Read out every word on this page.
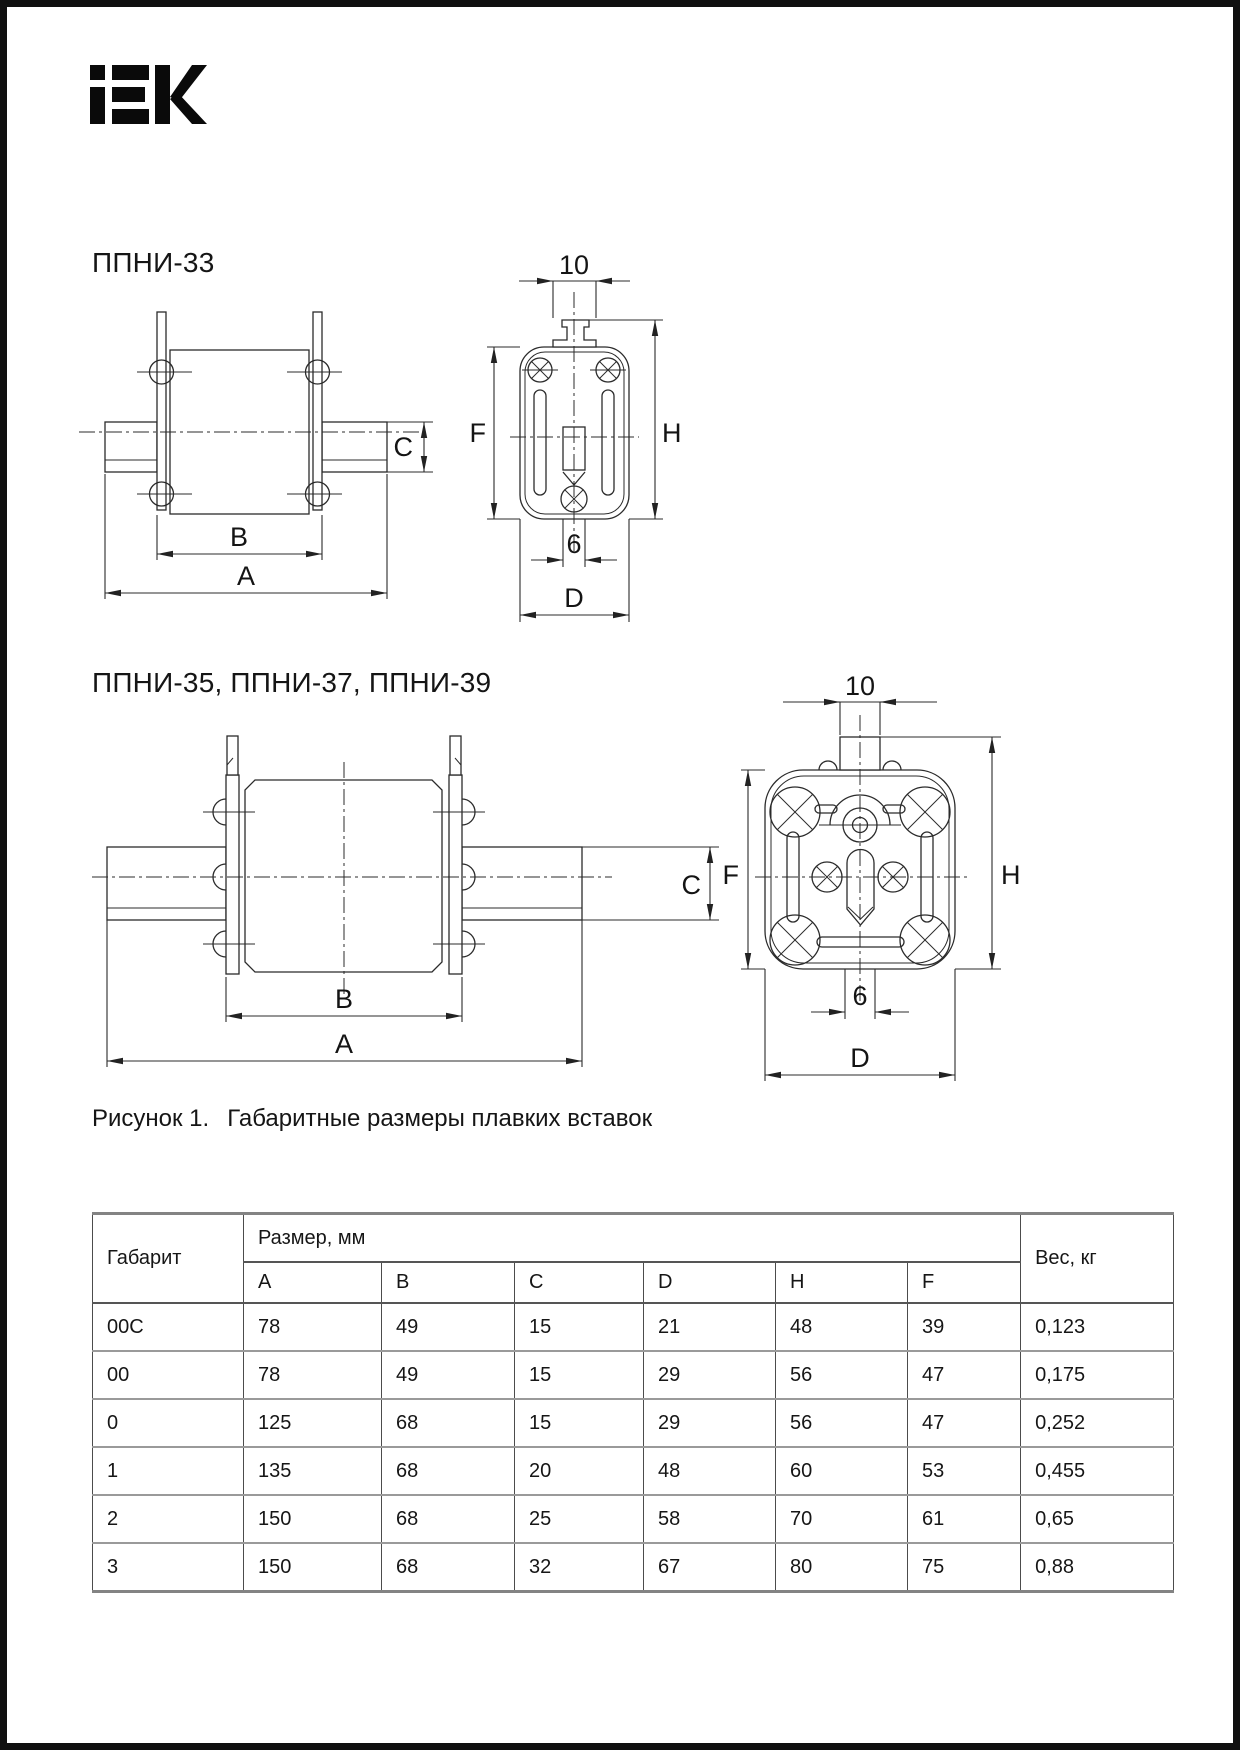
ППНИ-33
C
B
A
10
F	H
6
D
ППНИ-35, ППНИ-37, ППНИ-39
B
A
C
10
F	H
6
D
Рисунок 1. Габаритные размеры плавких вставок
Габарит	Размер, мм						Вес, кг
	A	B	C	D	H	F	
00C	78	49	15	21	48	39	0,123
00	78	49	15	29	56	47	0,175
0	125	68	15	29	56	47	0,252
1	135	68	20	48	60	53	0,455
2	150	68	25	58	70	61	0,65
3	150	68	32	67	80	75	0,88
